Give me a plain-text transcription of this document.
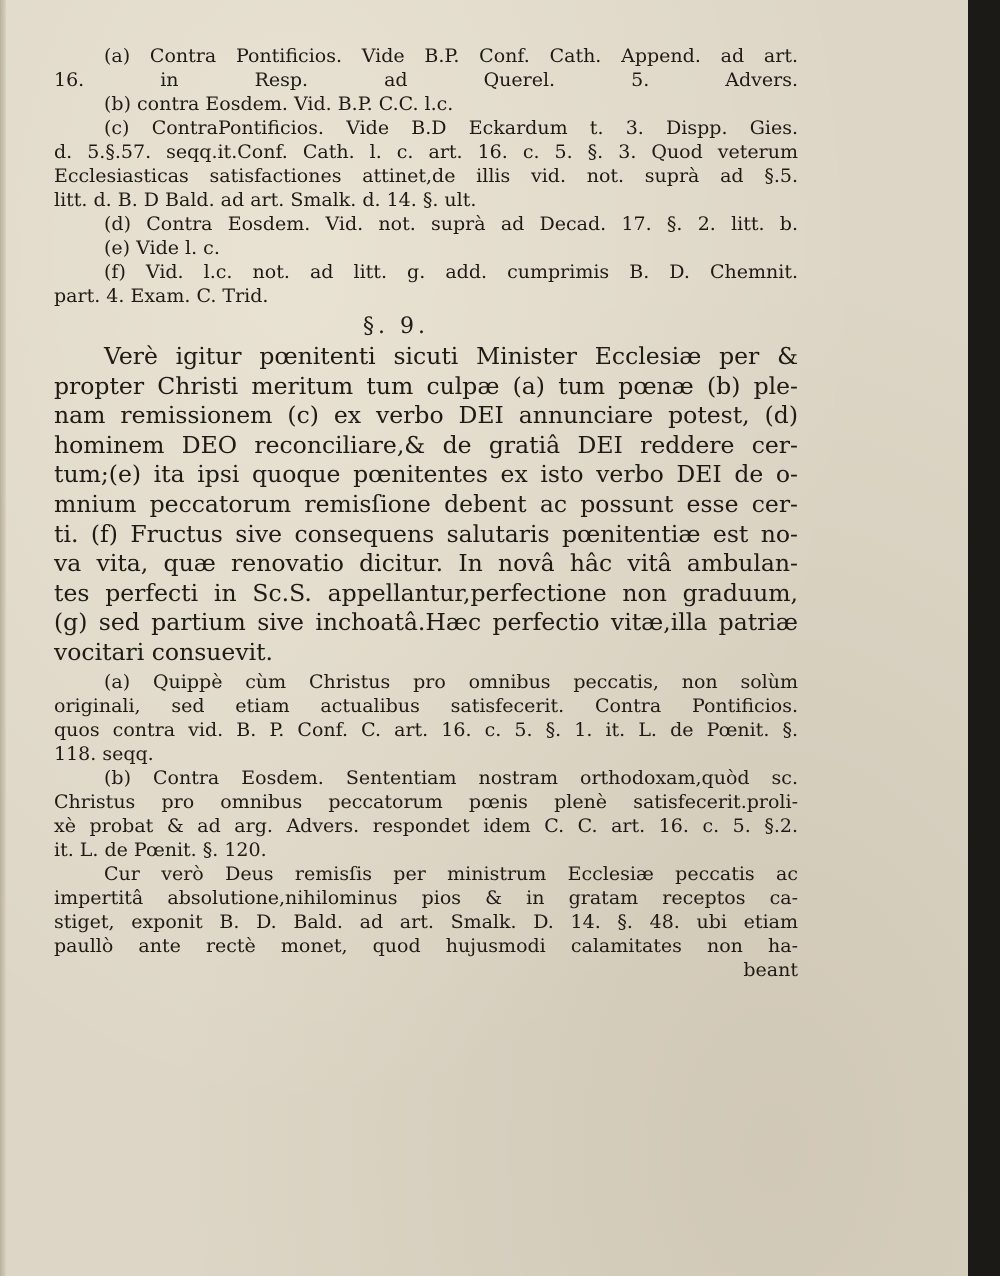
(a) Contra Pontificios. Vide B.P. Conf. Cath. Append. ad art.
16. in Resp. ad Querel. 5. Advers.
(b) contra Eosdem. Vid. B.P. C.C. l.c.
(c) ContraPontificios. Vide B.D Eckardum t. 3. Dispp. Gies.
d. 5.§.57. seqq.it.Conf. Cath. l. c. art. 16. c. 5. §. 3. Quod veterum
Ecclesiasticas satisfactiones attinet,de illis vid. not. suprà ad §.5.
litt. d. B. D Bald. ad art. Smalk. d. 14. §. ult.
(d) Contra Eosdem. Vid. not. suprà ad Decad. 17. §. 2. litt. b.
(e) Vide l. c.
(f) Vid. l.c. not. ad litt. g. add. cumprimis B. D. Chemnit.
part. 4. Exam. C. Trid.
§. 9.
Verè igitur pœnitenti sicuti Minister Ecclesiæ per &
propter Christi meritum tum culpæ (a) tum pœnæ (b) ple-
nam remissionem (c) ex verbo DEI annunciare potest, (d)
hominem DEO reconciliare,& de gratiâ DEI reddere cer-
tum;(e) ita ipsi quoque pœnitentes ex isto verbo DEI de o-
mnium peccatorum remisſione debent ac possunt esse cer-
ti. (f) Fructus sive consequens salutaris pœnitentiæ est no-
va vita, quæ renovatio dicitur. In novâ hâc vitâ ambulan-
tes perfecti in Sc.S. appellantur,perfectione non graduum,
(g) sed partium sive inchoatâ.Hæc perfectio vitæ,illa patriæ
vocitari consuevit.
(a) Quippè cùm Christus pro omnibus peccatis, non solùm
originali, sed etiam actualibus satisfecerit. Contra Pontificios.
quos contra vid. B. P. Conf. C. art. 16. c. 5. §. 1. it. L. de Pœnit. §.
118. seqq.
(b) Contra Eosdem. Sententiam nostram orthodoxam,quòd sc.
Christus pro omnibus peccatorum pœnis plenè satisfecerit.proli-
xè probat & ad arg. Advers. respondet idem C. C. art. 16. c. 5. §.2.
it. L. de Pœnit. §. 120.
Cur verò Deus remisſis per ministrum Ecclesiæ peccatis ac
impertitâ absolutione,nihilominus pios & in gratam receptos ca-
stiget, exponit B. D. Bald. ad art. Smalk. D. 14. §. 48. ubi etiam
paullò ante rectè monet, quod hujusmodi calamitates non ha-
beant
